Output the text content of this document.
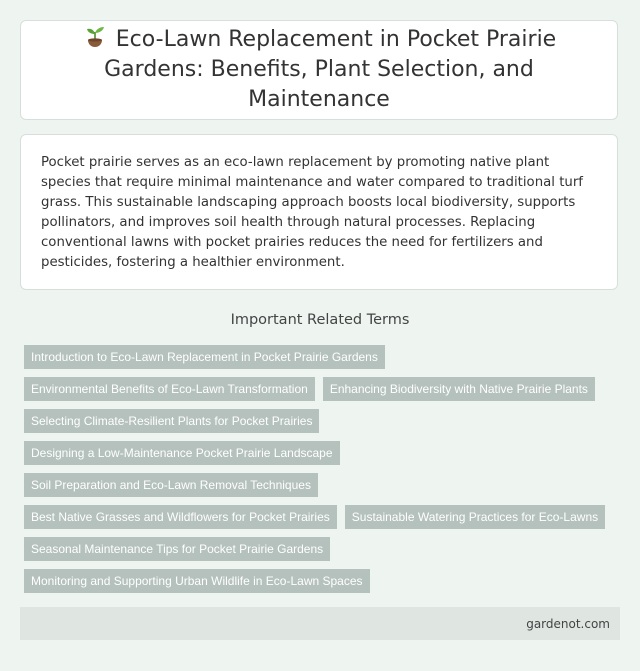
Eco-Lawn Replacement in Pocket Prairie Gardens: Benefits, Plant Selection, and Maintenance

Pocket prairie serves as an eco-lawn replacement by promoting native plant species that require minimal maintenance and water compared to traditional turf grass. This sustainable landscaping approach boosts local biodiversity, supports pollinators, and improves soil health through natural processes. Replacing conventional lawns with pocket prairies reduces the need for fertilizers and pesticides, fostering a healthier environment.

Important Related Terms
Introduction to Eco-Lawn Replacement in Pocket Prairie Gardens
Environmental Benefits of Eco-Lawn Transformation	Enhancing Biodiversity with Native Prairie Plants
Selecting Climate-Resilient Plants for Pocket Prairies
Designing a Low-Maintenance Pocket Prairie Landscape
Soil Preparation and Eco-Lawn Removal Techniques
Best Native Grasses and Wildflowers for Pocket Prairies	Sustainable Watering Practices for Eco-Lawns
Seasonal Maintenance Tips for Pocket Prairie Gardens
Monitoring and Supporting Urban Wildlife in Eco-Lawn Spaces
gardenot.com
